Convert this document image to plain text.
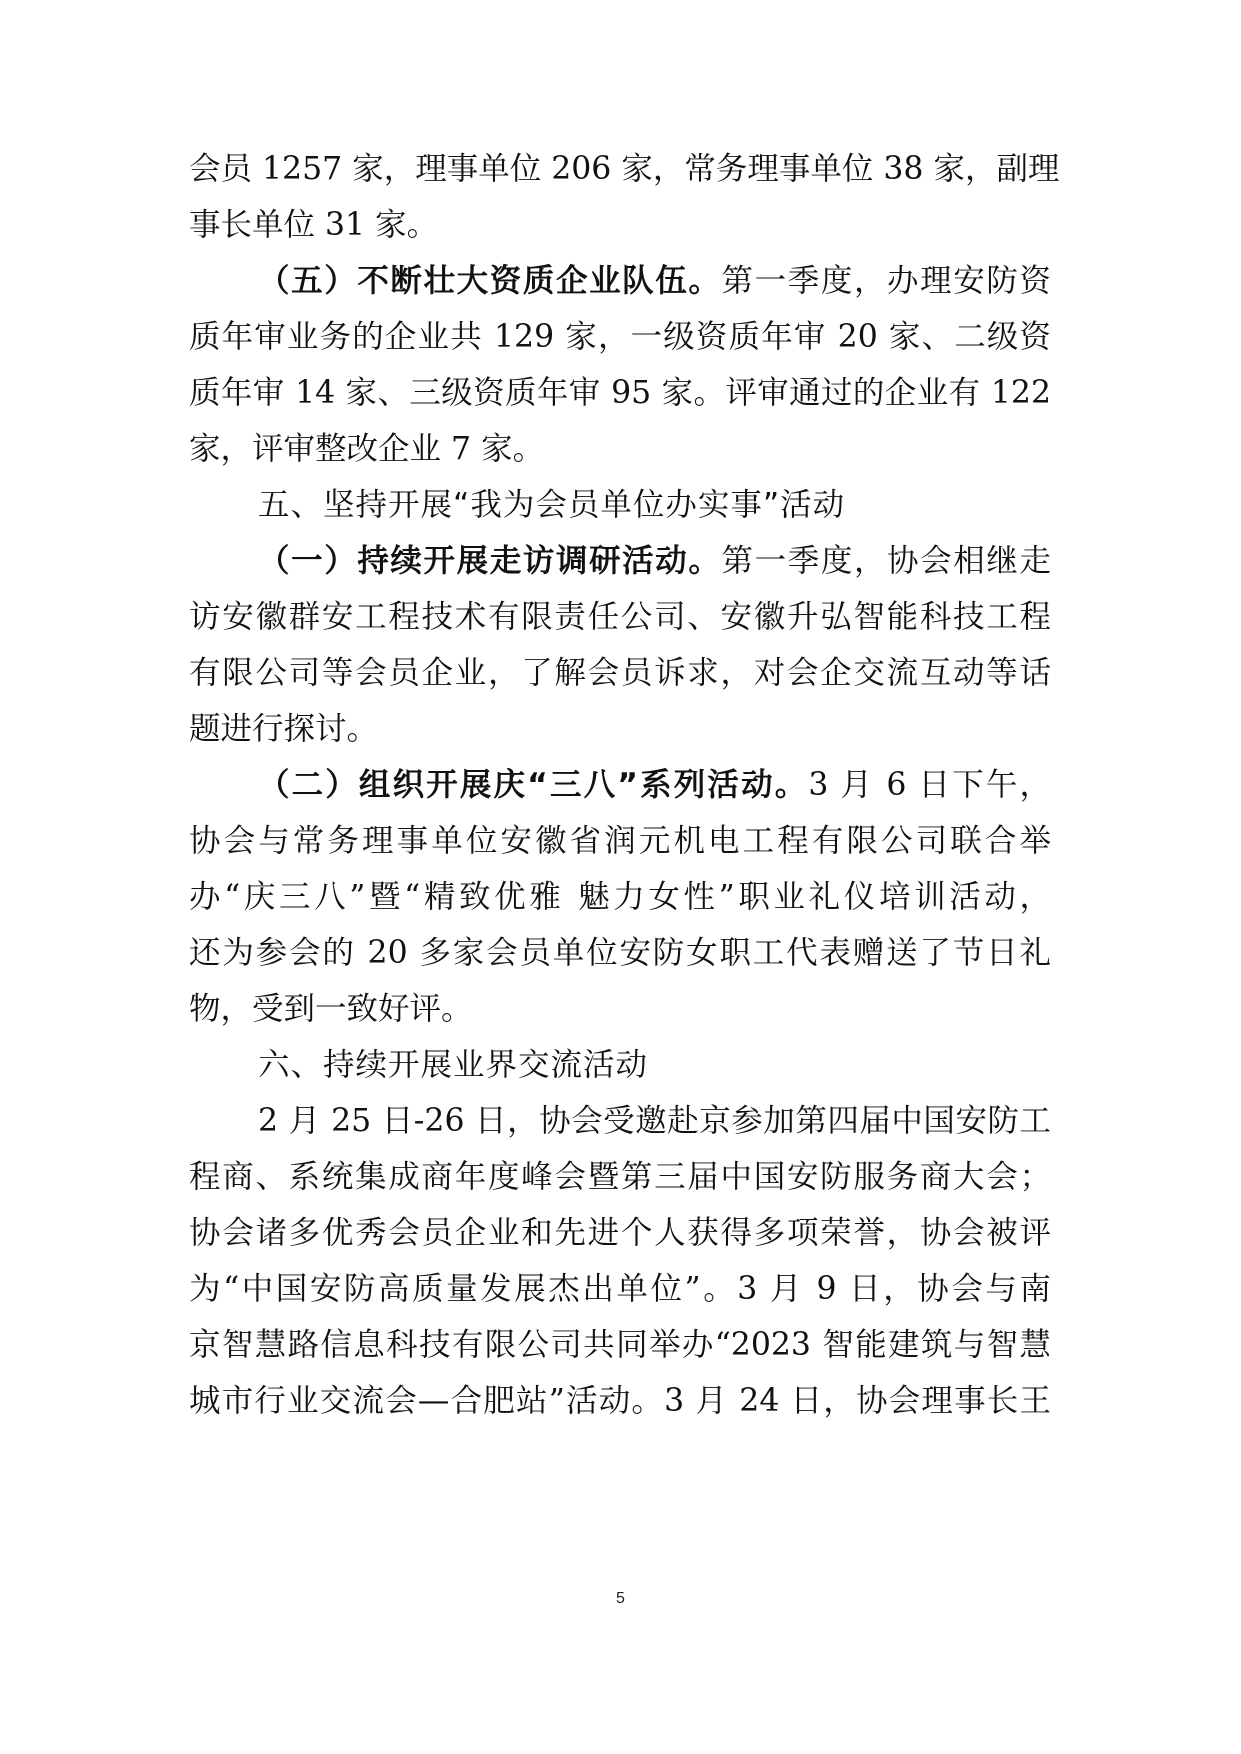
会员 1257 家，理事单位 206 家，常务理事单位 38 家，副理
事长单位 31 家。
（五）不断壮大资质企业队伍。第一季度，办理安防资
质年审业务的企业共 129 家，一级资质年审 20 家、二级资
质年审 14 家、三级资质年审 95 家。评审通过的企业有 122
家，评审整改企业 7 家。
五、坚持开展“我为会员单位办实事”活动
（一）持续开展走访调研活动。第一季度，协会相继走
访安徽群安工程技术有限责任公司、安徽升弘智能科技工程
有限公司等会员企业，了解会员诉求，对会企交流互动等话
题进行探讨。
（二）组织开展庆“三八”系列活动。3 月 6 日下午，
协会与常务理事单位安徽省润元机电工程有限公司联合举
办“庆三八”暨“精致优雅 魅力女性”职业礼仪培训活动，
还为参会的 20 多家会员单位安防女职工代表赠送了节日礼
物，受到一致好评。
六、持续开展业界交流活动
2 月 25 日-26 日，协会受邀赴京参加第四届中国安防工
程商、系统集成商年度峰会暨第三届中国安防服务商大会；
协会诸多优秀会员企业和先进个人获得多项荣誉，协会被评
为“中国安防高质量发展杰出单位”。3 月 9 日，协会与南
京智慧路信息科技有限公司共同举办“2023 智能建筑与智慧
城市行业交流会—合肥站”活动。3 月 24 日，协会理事长王
5
